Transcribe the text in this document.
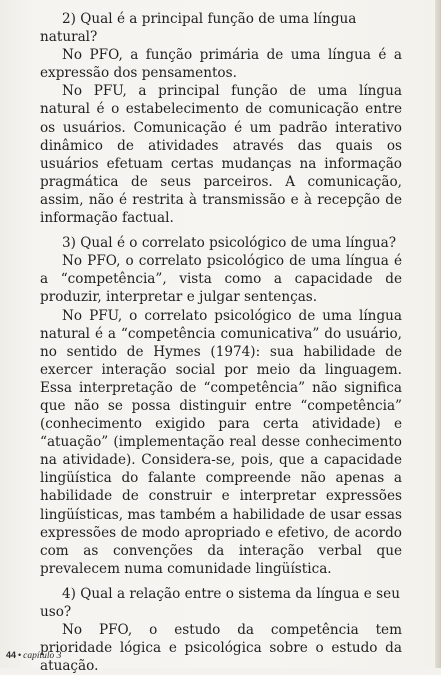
2) Qual é a principal função de uma língua natural?

No PFO, a função primária de uma língua é a expressão dos pensamentos.

No PFU, a principal função de uma língua natural é o estabelecimento de comunicação entre os usuários. Comunicação é um padrão interativo dinâmico de atividades através das quais os usuários efetuam certas mudanças na informação pragmática de seus parceiros. A comunicação, assim, não é restrita à transmissão e à recepção de informação factual.

3) Qual é o correlato psicológico de uma língua?

No PFO, o correlato psicológico de uma língua é a “competência”, vista como a capacidade de produzir, interpretar e julgar sentenças.

No PFU, o correlato psicológico de uma língua natural é a “competência comunicativa” do usuário, no sentido de Hymes (1974): sua habilidade de exercer interação social por meio da linguagem. Essa interpretação de “competência” não significa que não se possa distinguir entre “competência” (conhecimento exigido para certa atividade) e “atuação” (implementação real desse conhecimento na atividade). Considera-se, pois, que a capacidade lingüística do falante compreende não apenas a habilidade de construir e interpretar expressões lingüísticas, mas também a habilidade de usar essas expressões de modo apropriado e efetivo, de acordo com as convenções da interação verbal que prevalecem numa comunidade lingüística.

4) Qual a relação entre o sistema da língua e seu uso?

No PFO, o estudo da competência tem prioridade lógica e psicológica sobre o estudo da atuação.

44 • capítulo 3
